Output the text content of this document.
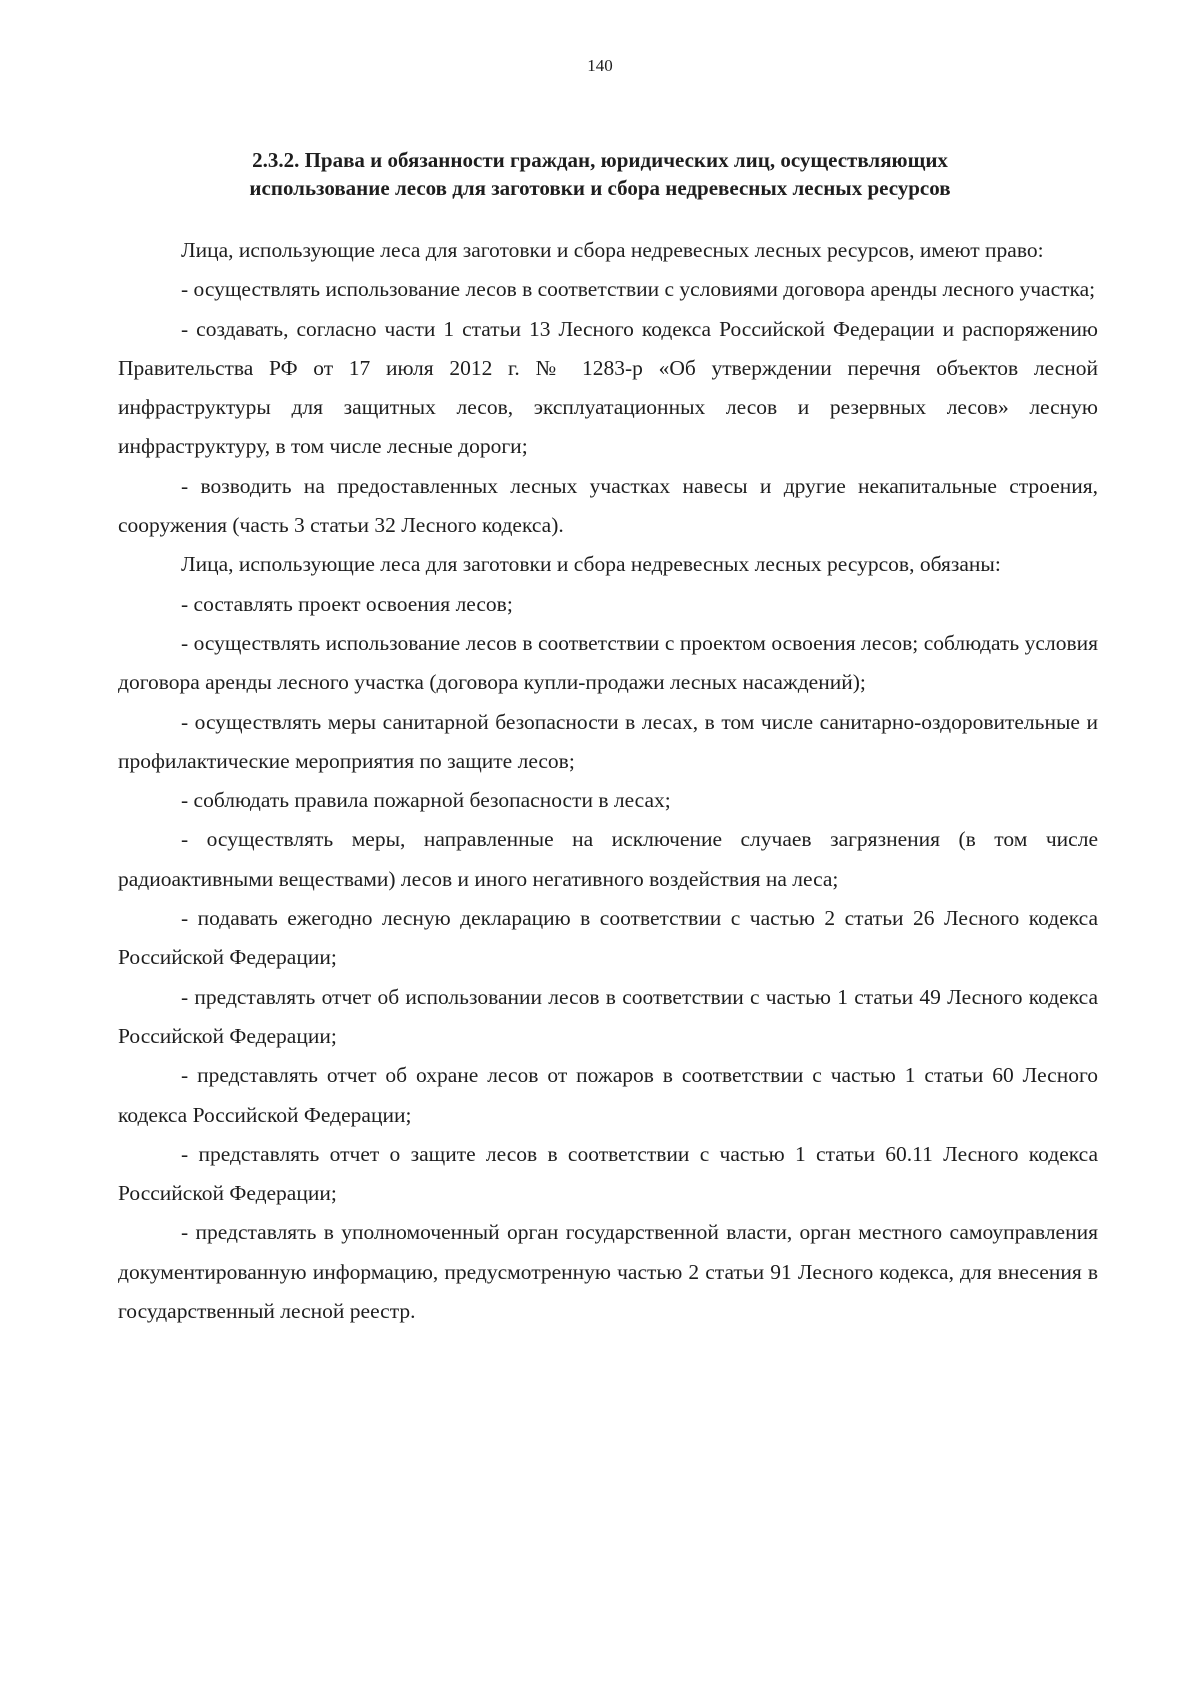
140
2.3.2. Права и обязанности граждан, юридических лиц, осуществляющих
использование лесов для заготовки и сбора недревесных лесных ресурсов

Лица, использующие леса для заготовки и сбора недревесных лесных ресурсов, имеют право:

- осуществлять использование лесов в соответствии с условиями договора аренды лесного участка;

- создавать, согласно части 1 статьи 13 Лесного кодекса Российской Федерации и распоряжению Правительства РФ от 17 июля 2012 г. № 1283-р «Об утверждении перечня объектов лесной инфраструктуры для защитных лесов, эксплуатационных лесов и резервных лесов» лесную инфраструктуру, в том числе лесные дороги;

- возводить на предоставленных лесных участках навесы и другие некапитальные строения, сооружения (часть 3 статьи 32 Лесного кодекса).

Лица, использующие леса для заготовки и сбора недревесных лесных ресурсов, обязаны:

- составлять проект освоения лесов;

- осуществлять использование лесов в соответствии с проектом освоения лесов; соблюдать условия договора аренды лесного участка (договора купли-продажи лесных насаждений);

- осуществлять меры санитарной безопасности в лесах, в том числе санитарно-оздоровительные и профилактические мероприятия по защите лесов;

- соблюдать правила пожарной безопасности в лесах;

- осуществлять меры, направленные на исключение случаев загрязнения (в том числе радиоактивными веществами) лесов и иного негативного воздействия на леса;

- подавать ежегодно лесную декларацию в соответствии с частью 2 статьи 26 Лесного кодекса Российской Федерации;

- представлять отчет об использовании лесов в соответствии с частью 1 статьи 49 Лесного кодекса Российской Федерации;

- представлять отчет об охране лесов от пожаров в соответствии с частью 1 статьи 60 Лесного кодекса Российской Федерации;

- представлять отчет о защите лесов в соответствии с частью 1 статьи 60.11 Лесного кодекса Российской Федерации;

- представлять в уполномоченный орган государственной власти, орган местного самоуправления документированную информацию, предусмотренную частью 2 статьи 91 Лесного кодекса, для внесения в государственный лесной реестр.
